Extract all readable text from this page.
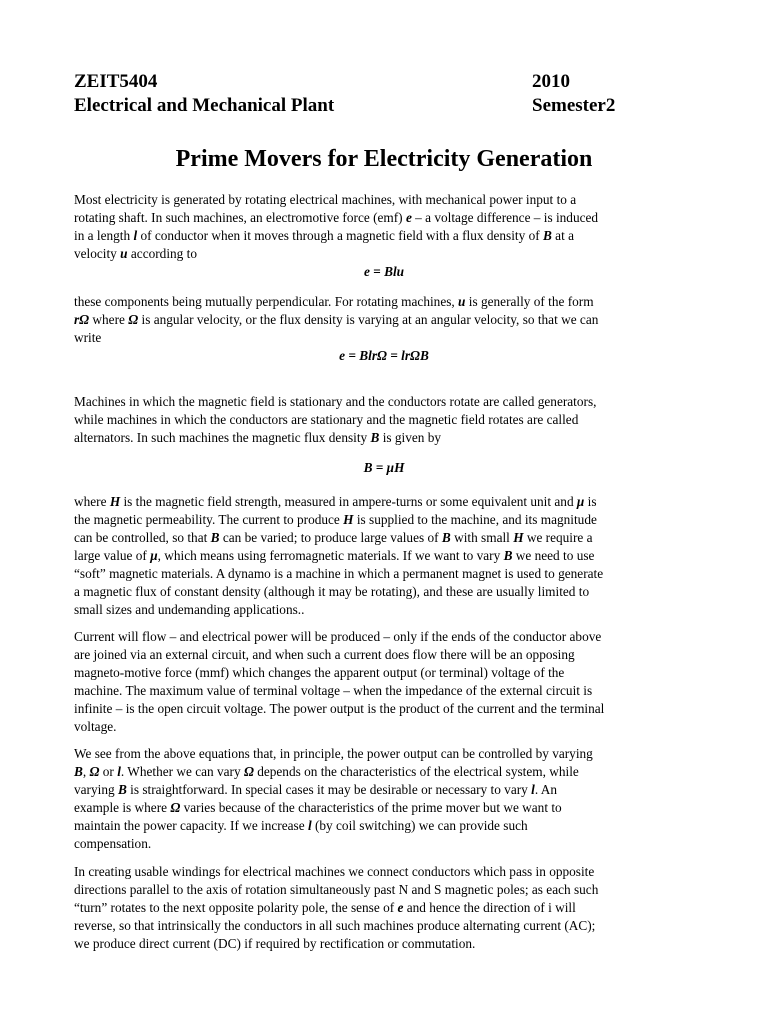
ZEIT5404	2010
Electrical and Mechanical Plant	Semester2
Prime Movers for Electricity Generation
Most electricity is generated by rotating electrical machines, with mechanical power input to a
rotating shaft. In such machines, an electromotive force (emf) e – a voltage difference – is induced
in a length l of conductor when it moves through a magnetic field with a flux density of B at a
velocity u according to
e = Blu
these components being mutually perpendicular. For rotating machines, u is generally of the form
rΩ where Ω is angular velocity, or the flux density is varying at an angular velocity, so that we can
write
e = BlrΩ = lrΩB
Machines in which the magnetic field is stationary and the conductors rotate are called generators,
while machines in which the conductors are stationary and the magnetic field rotates are called
alternators. In such machines the magnetic flux density B is given by
B = μH
where H is the magnetic field strength, measured in ampere-turns or some equivalent unit and μ is
the magnetic permeability. The current to produce H is supplied to the machine, and its magnitude
can be controlled, so that B can be varied; to produce large values of B with small H we require a
large value of μ, which means using ferromagnetic materials. If we want to vary B we need to use
“soft” magnetic materials. A dynamo is a machine in which a permanent magnet is used to generate
a magnetic flux of constant density (although it may be rotating), and these are usually limited to
small sizes and undemanding applications..
Current will flow – and electrical power will be produced – only if the ends of the conductor above
are joined via an external circuit, and when such a current does flow there will be an opposing
magneto-motive force (mmf) which changes the apparent output (or terminal) voltage of the
machine. The maximum value of terminal voltage – when the impedance of the external circuit is
infinite – is the open circuit voltage. The power output is the product of the current and the terminal
voltage.
We see from the above equations that, in principle, the power output can be controlled by varying
B, Ω or l. Whether we can vary Ω depends on the characteristics of the electrical system, while
varying B is straightforward. In special cases it may be desirable or necessary to vary l. An
example is where Ω varies because of the characteristics of the prime mover but we want to
maintain the power capacity. If we increase l (by coil switching) we can provide such
compensation.
In creating usable windings for electrical machines we connect conductors which pass in opposite
directions parallel to the axis of rotation simultaneously past N and S magnetic poles; as each such
“turn” rotates to the next opposite polarity pole, the sense of e and hence the direction of i will
reverse, so that intrinsically the conductors in all such machines produce alternating current (AC);
we produce direct current (DC) if required by rectification or commutation.
